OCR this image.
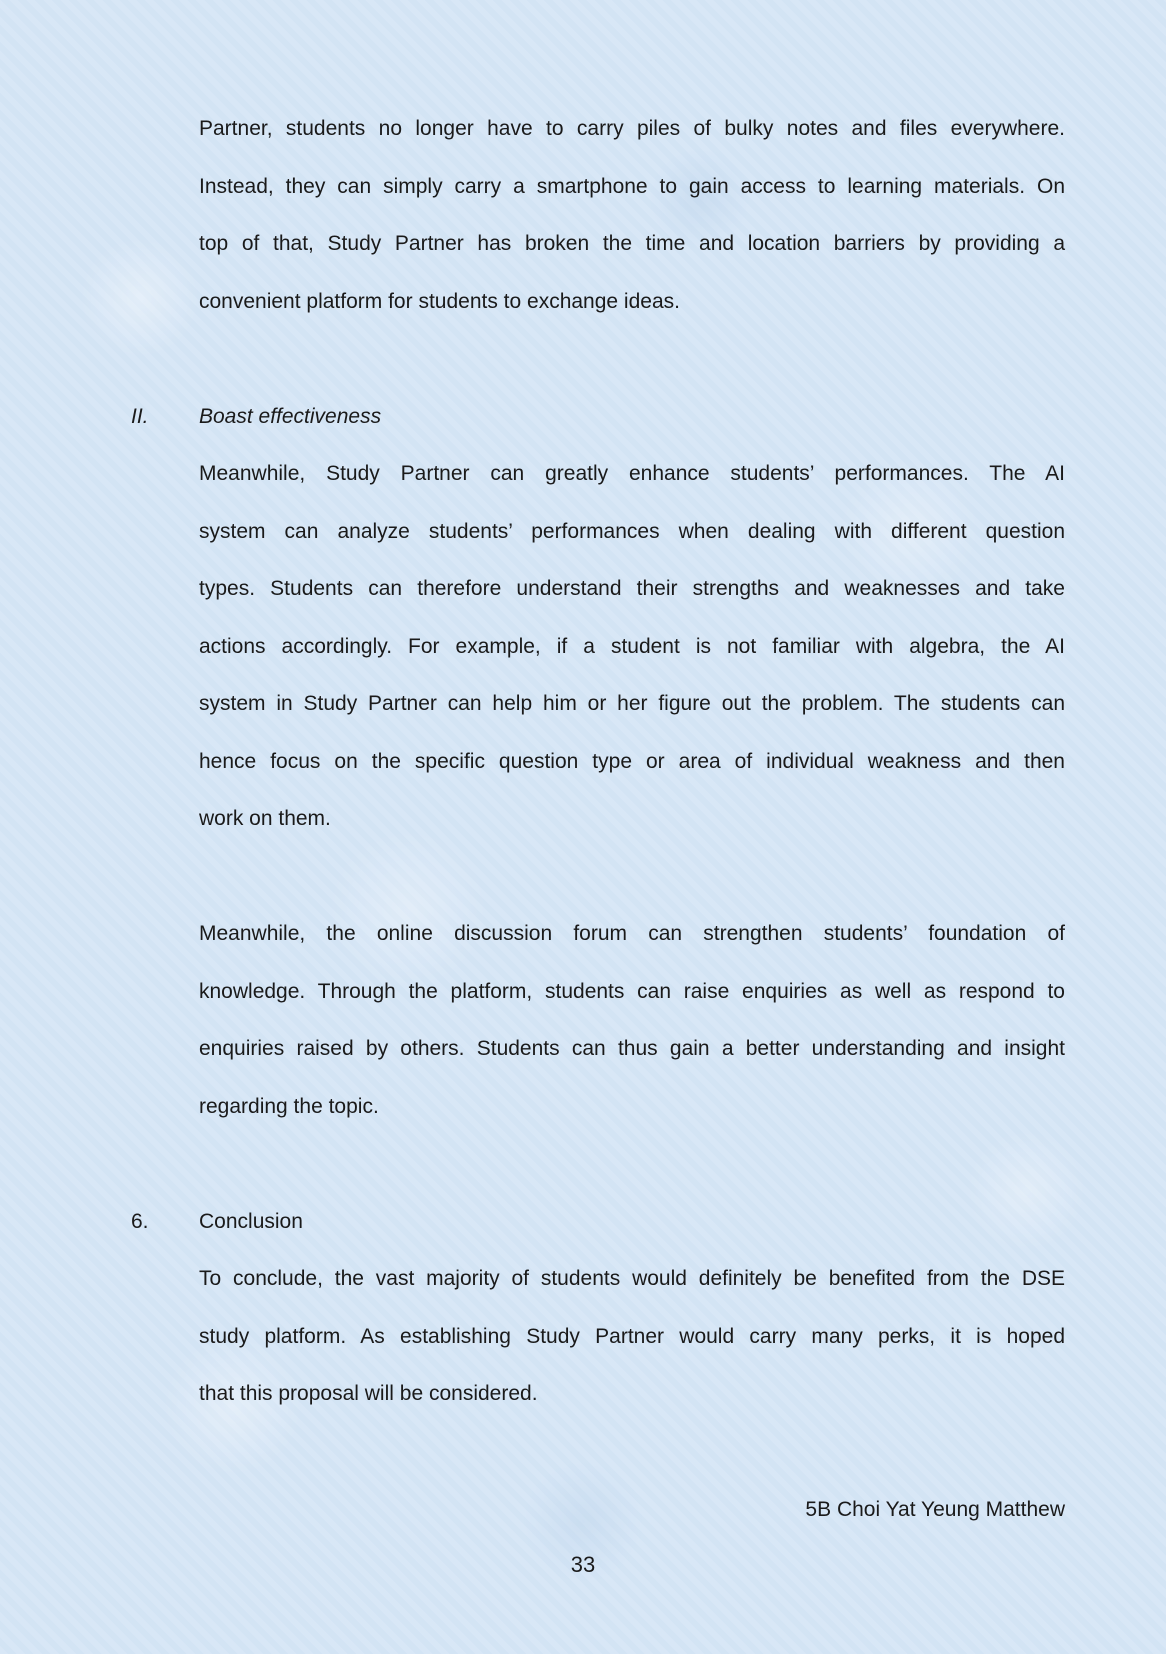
Partner, students no longer have to carry piles of bulky notes and files everywhere.
Instead, they can simply carry a smartphone to gain access to learning materials. On
top of that, Study Partner has broken the time and location barriers by providing a
convenient platform for students to exchange ideas.
II. Boast effectiveness
Meanwhile, Study Partner can greatly enhance students’ performances. The AI
system can analyze students’ performances when dealing with different question
types. Students can therefore understand their strengths and weaknesses and take
actions accordingly. For example, if a student is not familiar with algebra, the AI
system in Study Partner can help him or her figure out the problem. The students can
hence focus on the specific question type or area of individual weakness and then
work on them.
Meanwhile, the online discussion forum can strengthen students’ foundation of
knowledge. Through the platform, students can raise enquiries as well as respond to
enquiries raised by others. Students can thus gain a better understanding and insight
regarding the topic.
6. Conclusion
To conclude, the vast majority of students would definitely be benefited from the DSE
study platform. As establishing Study Partner would carry many perks, it is hoped
that this proposal will be considered.
5B Choi Yat Yeung Matthew
33
